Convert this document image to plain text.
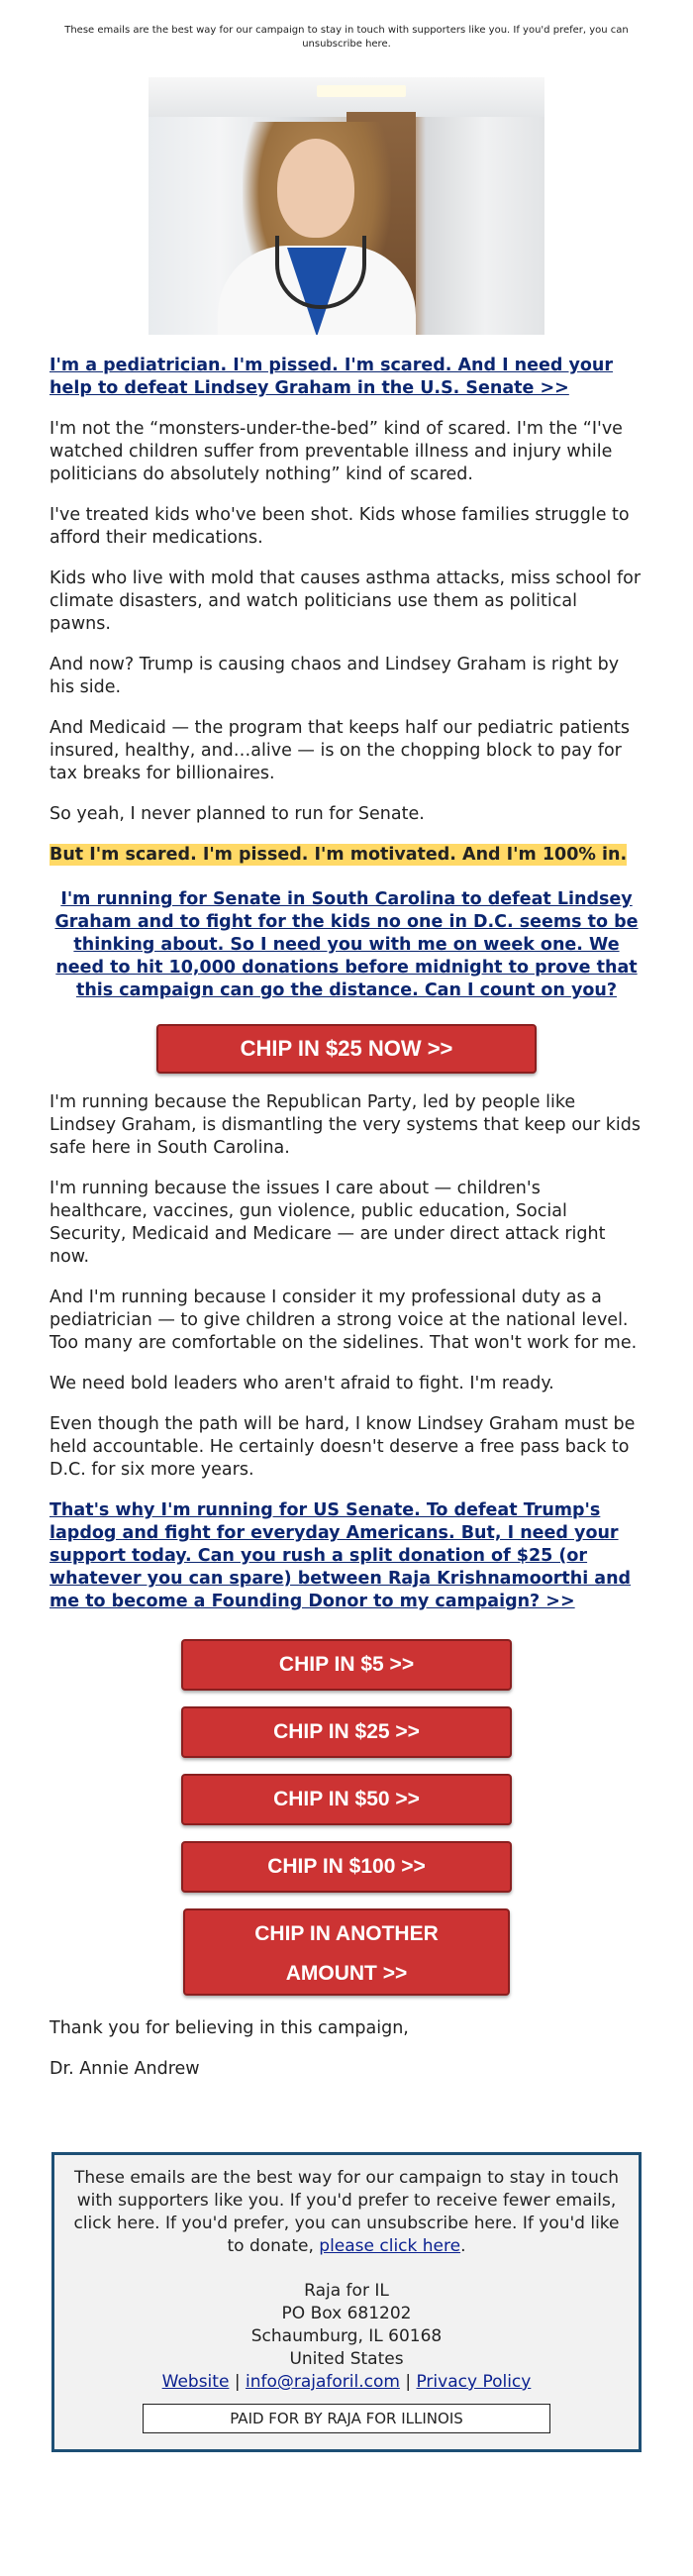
These emails are the best way for our campaign to stay in touch with supporters like you. If you'd prefer, you can unsubscribe here.
I'm a pediatrician. I'm pissed. I'm scared. And I need your help to defeat Lindsey Graham in the U.S. Senate >>

I'm not the “monsters-under-the-bed” kind of scared. I'm the “I've watched children suffer from preventable illness and injury while politicians do absolutely nothing” kind of scared.

I've treated kids who've been shot. Kids whose families struggle to afford their medications.

Kids who live with mold that causes asthma attacks, miss school for climate disasters, and watch politicians use them as political pawns.

And now? Trump is causing chaos and Lindsey Graham is right by his side.

And Medicaid — the program that keeps half our pediatric patients insured, healthy, and…alive — is on the chopping block to pay for tax breaks for billionaires.

So yeah, I never planned to run for Senate.

But I'm scared. I'm pissed. I'm motivated. And I'm 100% in.

I'm running for Senate in South Carolina to defeat Lindsey Graham and to fight for the kids no one in D.C. seems to be thinking about. So I need you with me on week one. We need to hit 10,000 donations before midnight to prove that this campaign can go the distance. Can I count on you?
CHIP IN $25 NOW >>

I'm running because the Republican Party, led by people like Lindsey Graham, is dismantling the very systems that keep our kids safe here in South Carolina.

I'm running because the issues I care about — children's healthcare, vaccines, gun violence, public education, Social Security, Medicaid and Medicare — are under direct attack right now.

And I'm running because I consider it my professional duty as a pediatrician — to give children a strong voice at the national level. Too many are comfortable on the sidelines. That won't work for me.

We need bold leaders who aren't afraid to fight. I'm ready.

Even though the path will be hard, I know Lindsey Graham must be held accountable. He certainly doesn't deserve a free pass back to D.C. for six more years.

That's why I'm running for US Senate. To defeat Trump's lapdog and fight for everyday Americans. But, I need your support today. Can you rush a split donation of $25 (or whatever you can spare) between Raja Krishnamoorthi and me to become a Founding Donor to my campaign? >>
CHIP IN $5 >>
CHIP IN $25 >>
CHIP IN $50 >>
CHIP IN $100 >>
CHIP IN ANOTHER
AMOUNT >>

Thank you for believing in this campaign,

Dr. Annie Andrew

These emails are the best way for our campaign to stay in touch with supporters like you. If you'd prefer to receive fewer emails, click here. If you'd prefer, you can unsubscribe here. If you'd like to donate, please click here.
Raja for IL
PO Box 681202
Schaumburg, IL 60168
United States
Website | info@rajaforil.com | Privacy Policy
PAID FOR BY RAJA FOR ILLINOIS
